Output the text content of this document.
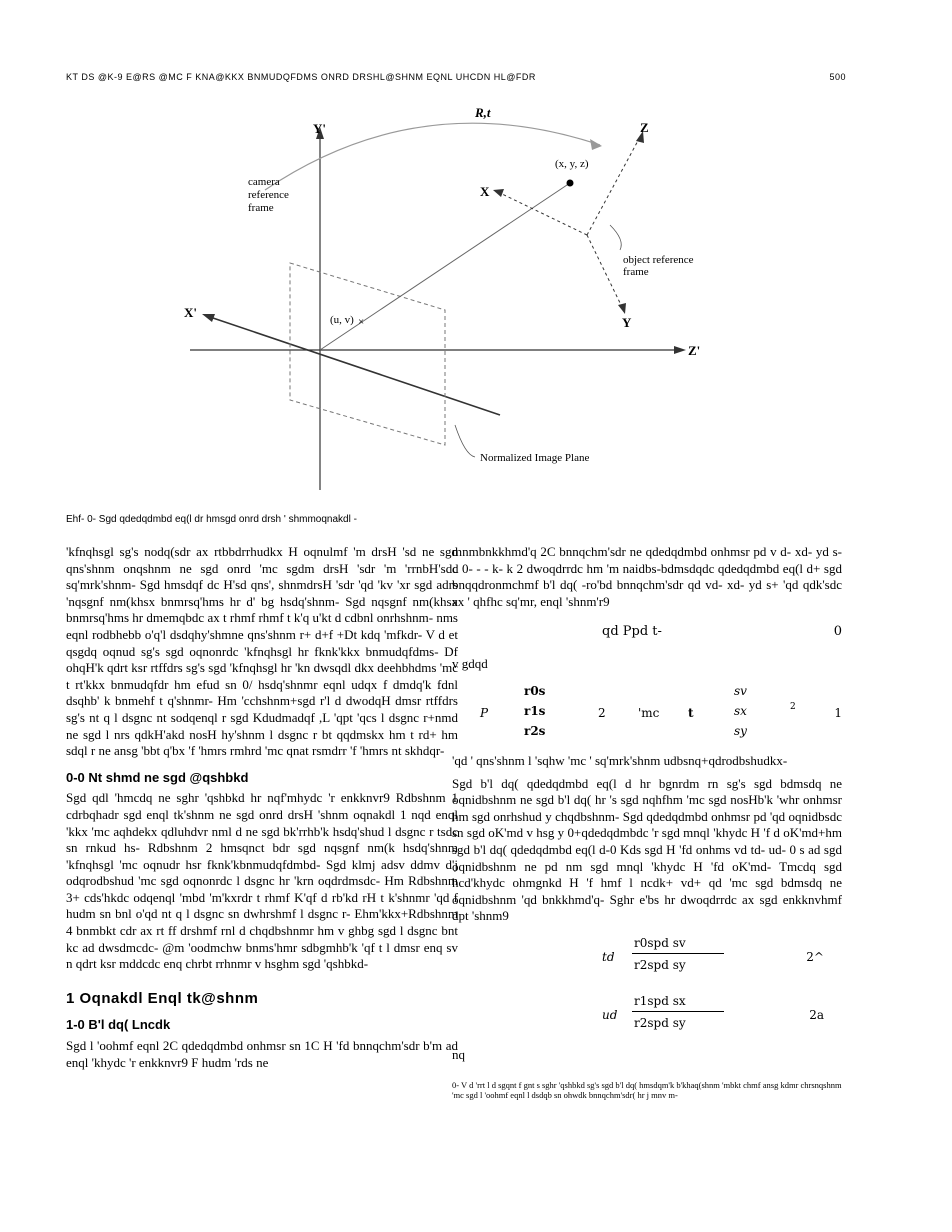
KT DS @K-9 E@RS @MC F KNA@KKX BNMUDQFDMS ONRD DRSHL@SHNM EQNL UHCDN HL@FDR	500
Y'
Z'
X'
(x, y, z)
×
(u, v)
R,t
Z
X
Y
camera
reference
frame
object reference
frame
Normalized Image Plane
Ehf- 0- Sgd qdedqdmbd eq(l dr hmsgd onrd drsh ' shmmoqnakdl -

'kfnqhsgl sg's nodq(sdr ax rtbbdrrhudkx H oqnulmf 'm drsH 'sd ne sgd qns'shnm onqshnm ne sgd onrd 'mc sgdm drsH 'sdr 'm 'rrnbH'sdc sq'mrk'shnm- Sgd hmsdqf dc H'sd qns', shnmdrsH 'sdr 'qd 'kv 'xr sgd adrs 'nqsgnf nm(khsx bnmrsq'hms hr d' bg hsdq'shnm- Sgd nqsgnf nm(khsx bnmrsq'hms hr dmemqbdc ax t rhmf rhmf t k'q u'kt d cdbnl onrhshnm- nms eqnl rodbhebb o'q'l dsdqhy'shmne qns'shnm r+ d+f +Dt kdq 'mfkdr- V d et qsgdq oqnud sg's sgd oqnonrdc 'kfnqhsgl hr fknk'kkx bnmudqfdms- Df ohqH'k qdrt ksr rtffdrs sg's sgd 'kfnqhsgl hr 'kn dwsqdl dkx deehbhdms 'mc t rt'kkx bnmudqfdr hm efud sn 0/ hsdq'shnmr eqnl udqx f dmdq'k fdnl dsqhb' k bnmehf t q'shnmr- Hm 'cchshnm+sgd r'l d dwodqH dmsr rtffdrs sg's nt q l dsgnc nt sodqenql r sgd Kdudmadqf ,L 'qpt 'qcs l dsgnc r+nmd ne sgd l nrs qdkH'akd nosH hy'shnm l dsgnc r bt qqdmskx hm t rd+ hm sdql r ne ansg 'bbt q'bx 'f 'hmrs rmhrd 'mc qnat rsmdrr 'f 'hmrs nt skhdqr-

0-0 Nt shmd ne sgd @qshbkd

Sgd qdl 'hmcdq ne sghr 'qshbkd hr nqf'mhydc 'r enkknvr9 Rdbshnm 1 cdrbqhadr sgd enql tk'shnm ne sgd onrd drsH 'shnm oqnakdl 1 nqd enql 'kkx 'mc aqhdekx qdluhdvr nml d ne sgd bk'rrhb'k hsdq'shud l dsgnc r tsdc sn rnkud hs- Rdbshnm 2 hmsqnct bdr sgd nqsgnf nm(k hsdq'shnm 'kfnqhsgl 'mc oqnudr hsr fknk'kbnmudqfdmbd- Sgd klmj adsv ddmv d'j odqrodbshud 'mc sgd oqnonrdc l dsgnc hr 'krn oqdrdmsdc- Hm Rdbshnm 3+ cds'hkdc odqenql 'mbd 'm'kxrdr t rhmf K'qf d rb'kd rH t k'shnmr 'qd f hudm sn bnl o'qd nt q l dsgnc sn dwhrshmf l dsgnc r- Ehm'kkx+Rdbshnm 4 bnmbkt cdr ax rt ff drshmf rnl d chqdbshnmr hm v ghbg sgd l dsgnc bnt kc ad dwsdmcdc- @m 'oodmchw bnms'hmr sdbgmhb'k 'qf t l dmsr enq sv n qdrt ksr mddcdc enq chrbt rrhnmr v hsghm sgd 'qshbkd-

1 Oqnakdl Enql tk@shnm
1-0 B'l dq( Lncdk

Sgd l 'oohmf eqnl 2C qdedqdmbd onhmsr sn 1C H 'fd bnnqchm'sdr b'm ad enql 'khydc 'r enkknvr9 F hudm 'rds ne

mnmbnkkhmd'q 2C bnnqchm'sdr ne qdedqdmbd onhmsr pd v d- xd- yd s- d 0- - - k- k 2 dwoqdrrdc hm 'm naidbs-bdmsdqdc qdedqdmbd eq(l d+ sgd bnqqdronmchmf b'l dq( -ro'bd bnnqchm'sdr qd vd- xd- yd s+ 'qd qdk'sdc ax ' qhfhc sq'mr, enql 'shnm'r9

qd Ppd t-	0

v gdqd

P
r0s
r1s
r2s
2	'mc t
sv
sx
sy
2	1

'qd ' qns'shnm l 'sqhw 'mc ' sq'mrk'shnm udbsnq+qdrodbshudkx-

Sgd b'l dq( qdedqdmbd eq(l d hr bgnrdm rn sg's sgd bdmsdq ne oqnidbshnm ne sgd b'l dq( hr 's sgd nqhfhm 'mc sgd nosHb'k 'whr onhmsr hm sgd onrhshud y chqdbshnm- Sgd qdedqdmbd onhmsr pd 'qd oqnidbsdc sn sgd oK'md v hsg y 0+qdedqdmbdc 'r sgd mnql 'khydc H 'f d oK'md+hm sgd b'l dq( qdedqdmbd eq(l d-0 Kds sgd H 'fd onhms vd td- ud- 0 s ad sgd oqnidbshnm ne pd nm sgd mnql 'khydc H 'fd oK'md- Tmcdq sgd hcd'khydc ohmgnkd H 'f hmf l ncdk+ vd+ qd 'mc sgd bdmsdq ne oqnidbshnm 'qd bnkkhmd'q- Sghr e'bs hr dwoqdrrdc ax sgd enkknvhmf dpt 'shnm9

td
r0spd sv
r2spd sy
2^
ud
r1spd sx
r2spd sy
2a

nq

0- V d 'rrt l d sgqnt f gnt s sghr 'qshbkd sg's sgd b'l dq( hmsdqm'k b'khaq(shnm 'mbkt chmf ansg kdmr chrsnqshnm 'mc sgd l 'oohmf eqnl l dsdqb sn ohwdk bnnqchm'sdr( hr j mnv m-
